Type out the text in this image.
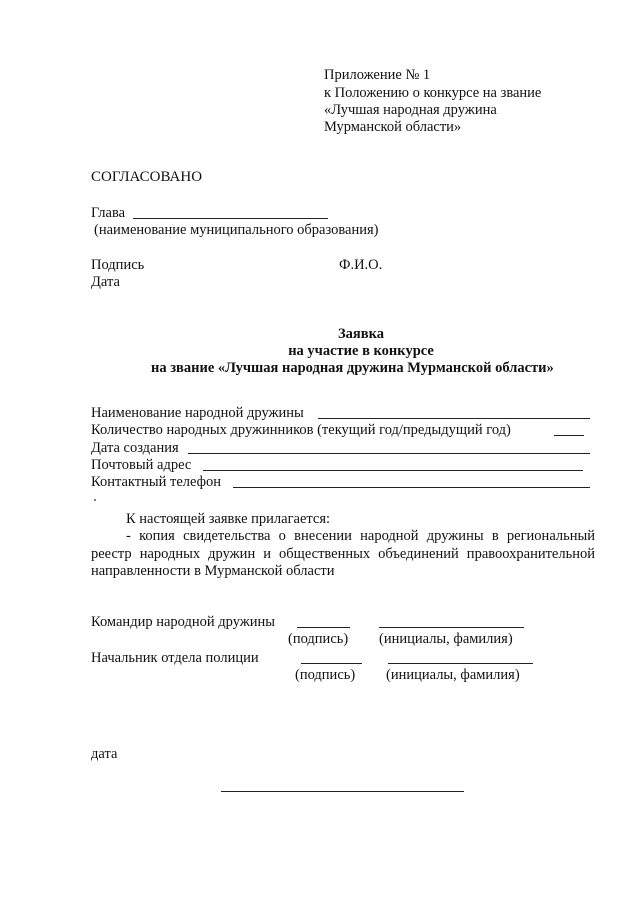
Приложение № 1
к Положению о конкурсе на звание
«Лучшая народная дружина
Мурманской области»
СОГЛАСОВАНО
Глава
(наименование муниципального образования)
Подпись	Ф.И.О.
Дата
Заявка
на участие в конкурсе
на звание «Лучшая народная дружина Мурманской области»
Наименование народной дружины
Количество народных дружинников (текущий год/предыдущий год)
Дата создания
Почтовый адрес
Контактный телефон
К настоящей заявке прилагается:
- копия свидетельства о внесении народной дружины в региональный
реестр народных дружин и общественных объединений правоохранительной
направленности в Мурманской области
Командир народной дружины
(подпись) (инициалы, фамилия)
Начальник отдела полиции
(подпись) (инициалы, фамилия)
дата
